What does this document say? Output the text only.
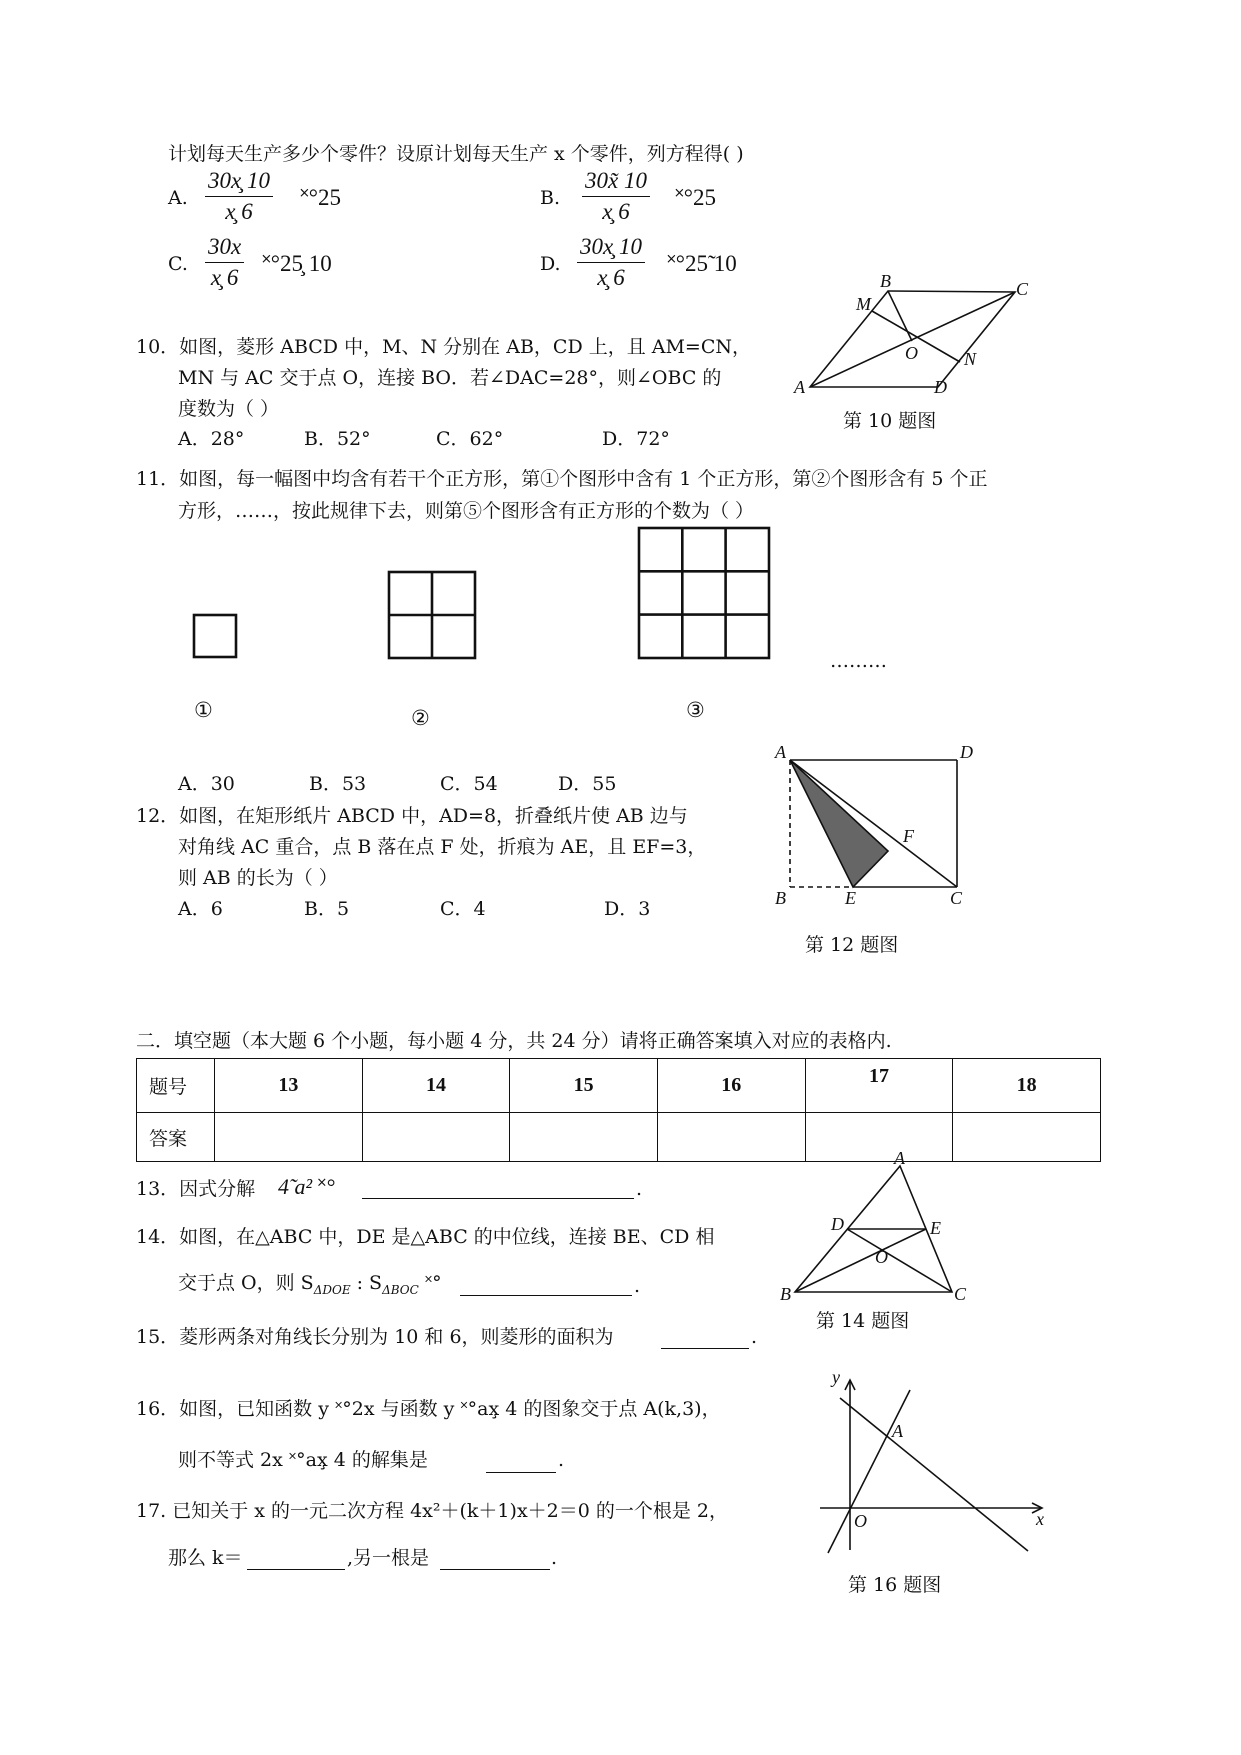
计划每天生产多少个零件？设原计划每天生产 x 个零件，列方程得( )
A. $\frac{30x̧ 10}{x̧ 6}$ ˟°25	B. $\frac{30x̃ 10}{x̧ 6}$ ˟°25
C. $\frac{30x}{x̧ 6}$ ˟°25̧ 10	D. $\frac{30x̧ 10}{x̧ 6}$ ˟°25̃ 10
10．如图，菱形 ABCD 中，M、N 分别在 AB，CD 上，且 AM=CN，
MN 与 AC 交于点 O，连接 BO．若∠DAC=28°，则∠OBC 的
度数为（ ）
A．28°	B．52°	C．62°	D．72°
A
B	C
D
M
N
O
第 10 题图
11．如图，每一幅图中均含有若干个正方形，第①个图形中含有 1 个正方形，第②个图形含有 5 个正
方形，……，按此规律下去，则第⑤个图形含有正方形的个数为（ ）
………
①	②	③
A．30	B．53	C．54	D．55
12．如图，在矩形纸片 ABCD 中，AD=8，折叠纸片使 AB 边与
对角线 AC 重合，点 B 落在点 F 处，折痕为 AE，且 EF=3，
则 AB 的长为（ ）
A．6	B．5	C．4	D．3
A	D
B	E	C
F
第 12 题图
二．填空题（本大题 6 个小题，每小题 4 分，共 24 分）请将正确答案填入对应的表格内.
题号	13	14	15	16	17	18
答案						
13．因式分解 4̃ a² ˟°	.
14．如图，在△ABC 中，DE 是△ABC 的中位线，连接 BE、CD 相
交于点 O，则 $S_{\Delta DOE}$ : $S_{\Delta BOC}$ ˟°	.
A
B	C
D	E
O
第 14 题图
15．菱形两条对角线长分别为 10 和 6，则菱形的面积为	.
16．如图，已知函数 y ˟°2x 与函数 y ˟°ax̧ 4 的图象交于点 A(k,3)，
则不等式 2x ˟°ax̧ 4 的解集是	.
y
x
O
A
第 16 题图
17. 已知关于 x 的一元二次方程 4x²＋(k＋1)x＋2＝0 的一个根是 2，
那么 k＝	,另一根是	.
